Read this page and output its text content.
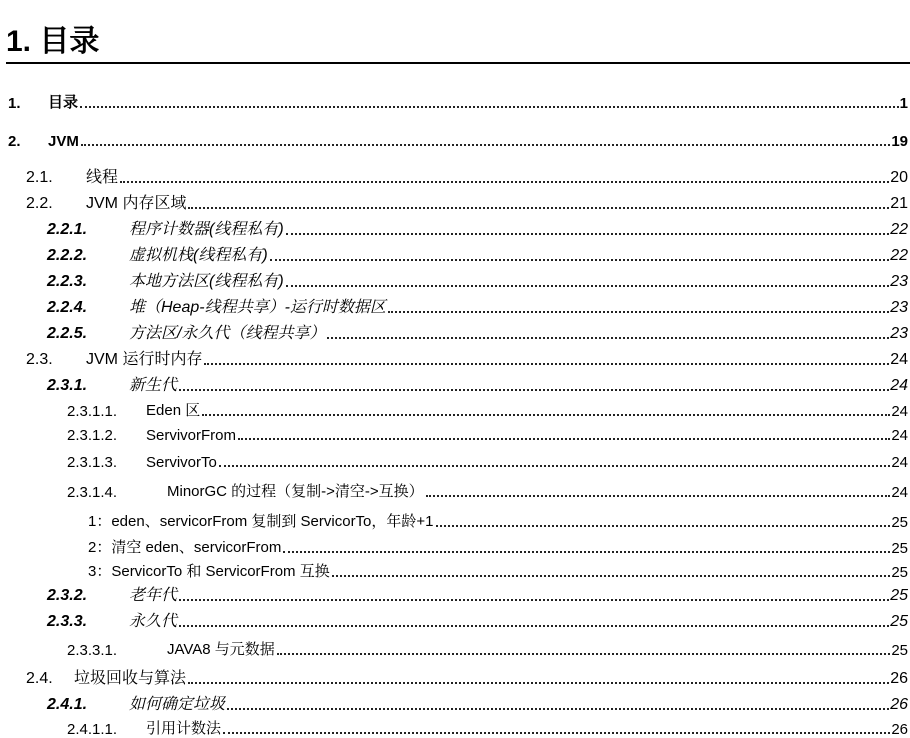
1. 目录
1.	目录	1
2.	JVM	19
2.1.	线程	20
2.2.	JVM 内存区域	21
2.2.1.	程序计数器(线程私有)	22
2.2.2.	虚拟机栈(线程私有)	22
2.2.3.	本地方法区(线程私有)	23
2.2.4.	堆（Heap-线程共享）-运行时数据区	23
2.2.5.	方法区/永久代（线程共享）	23
2.3.	JVM 运行时内存	24
2.3.1.	新生代	24
2.3.1.1.	Eden 区	24
2.3.1.2.	ServivorFrom	24
2.3.1.3.	ServivorTo	24
2.3.1.4.	MinorGC 的过程（复制->清空->互换）	24
1：eden、servicorFrom 复制到 ServicorTo，年龄+1	25
2：清空 eden、servicorFrom	25
3：ServicorTo 和 ServicorFrom 互换	25
2.3.2.	老年代	25
2.3.3.	永久代	25
2.3.3.1.	JAVA8 与元数据	25
2.4.	垃圾回收与算法	26
2.4.1.	如何确定垃圾	26
2.4.1.1.	引用计数法	26
